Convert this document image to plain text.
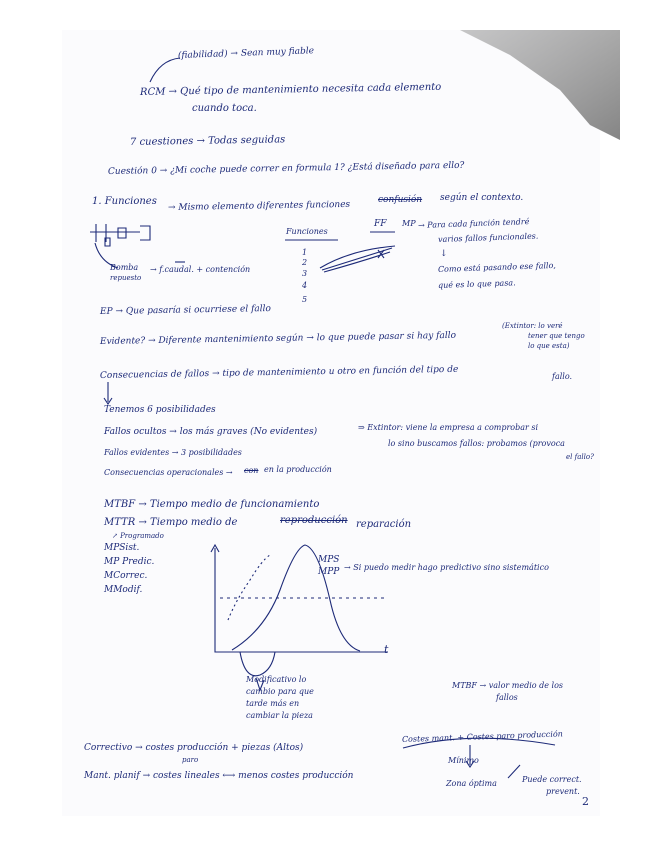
(fiabilidad) → Sean muy fiable
RCM → Qué tipo de mantenimiento necesita cada elemento
cuando toca.
7 cuestiones → Todas seguidas
Cuestión 0 → ¿Mi coche puede correr en formula 1? ¿Está diseñado para ello?
1. Funciones → Mismo elemento diferentes funciones	confusión según el contexto.
Bomba
repuesto
→ f.caudal. + contención
Funciones
FF MP
1
2
3
4
5
→ Para cada función tendré
varios fallos funcionales.
↓
Como está pasando ese fallo,
qué es lo que pasa.
EP → Que pasaría si ocurriese el fallo
Evidente? → Diferente mantenimiento según → lo que puede pasar si hay fallo
(Extintor: lo veré
tener que tengo
lo que esta)
Consecuencias de fallos → tipo de mantenimiento u otro en función del tipo de	fallo.
Tenemos 6 posibilidades
Fallos ocultos → los más graves (No evidentes)	⇒ Extintor: viene la empresa a comprobar si
lo sino buscamos fallos: probamos (provoca
el fallo?
Fallos evidentes → 3 posibilidades
Consecuencias operacionales → con en la producción
MTBF → Tiempo medio de funcionamiento
MTTR → Tiempo medio de	reproducción reparación
↗ Programado
MPSist.
MP Predic.
MCorrec.
MModif.
MPS
MPP → Si puedo medir hago predictivo sino sistemático
t
Modificativo lo
cambio para que
tarde más en
cambiar la pieza
MTBF → valor medio de los
fallos
Correctivo → costes producción + piezas (Altos)
paro
Mant. planif → costes lineales ⟷ menos costes producción
Costes mant. + Costes paro producción
Mínimo
Zona óptima	Puede correct.
prevent.
2
